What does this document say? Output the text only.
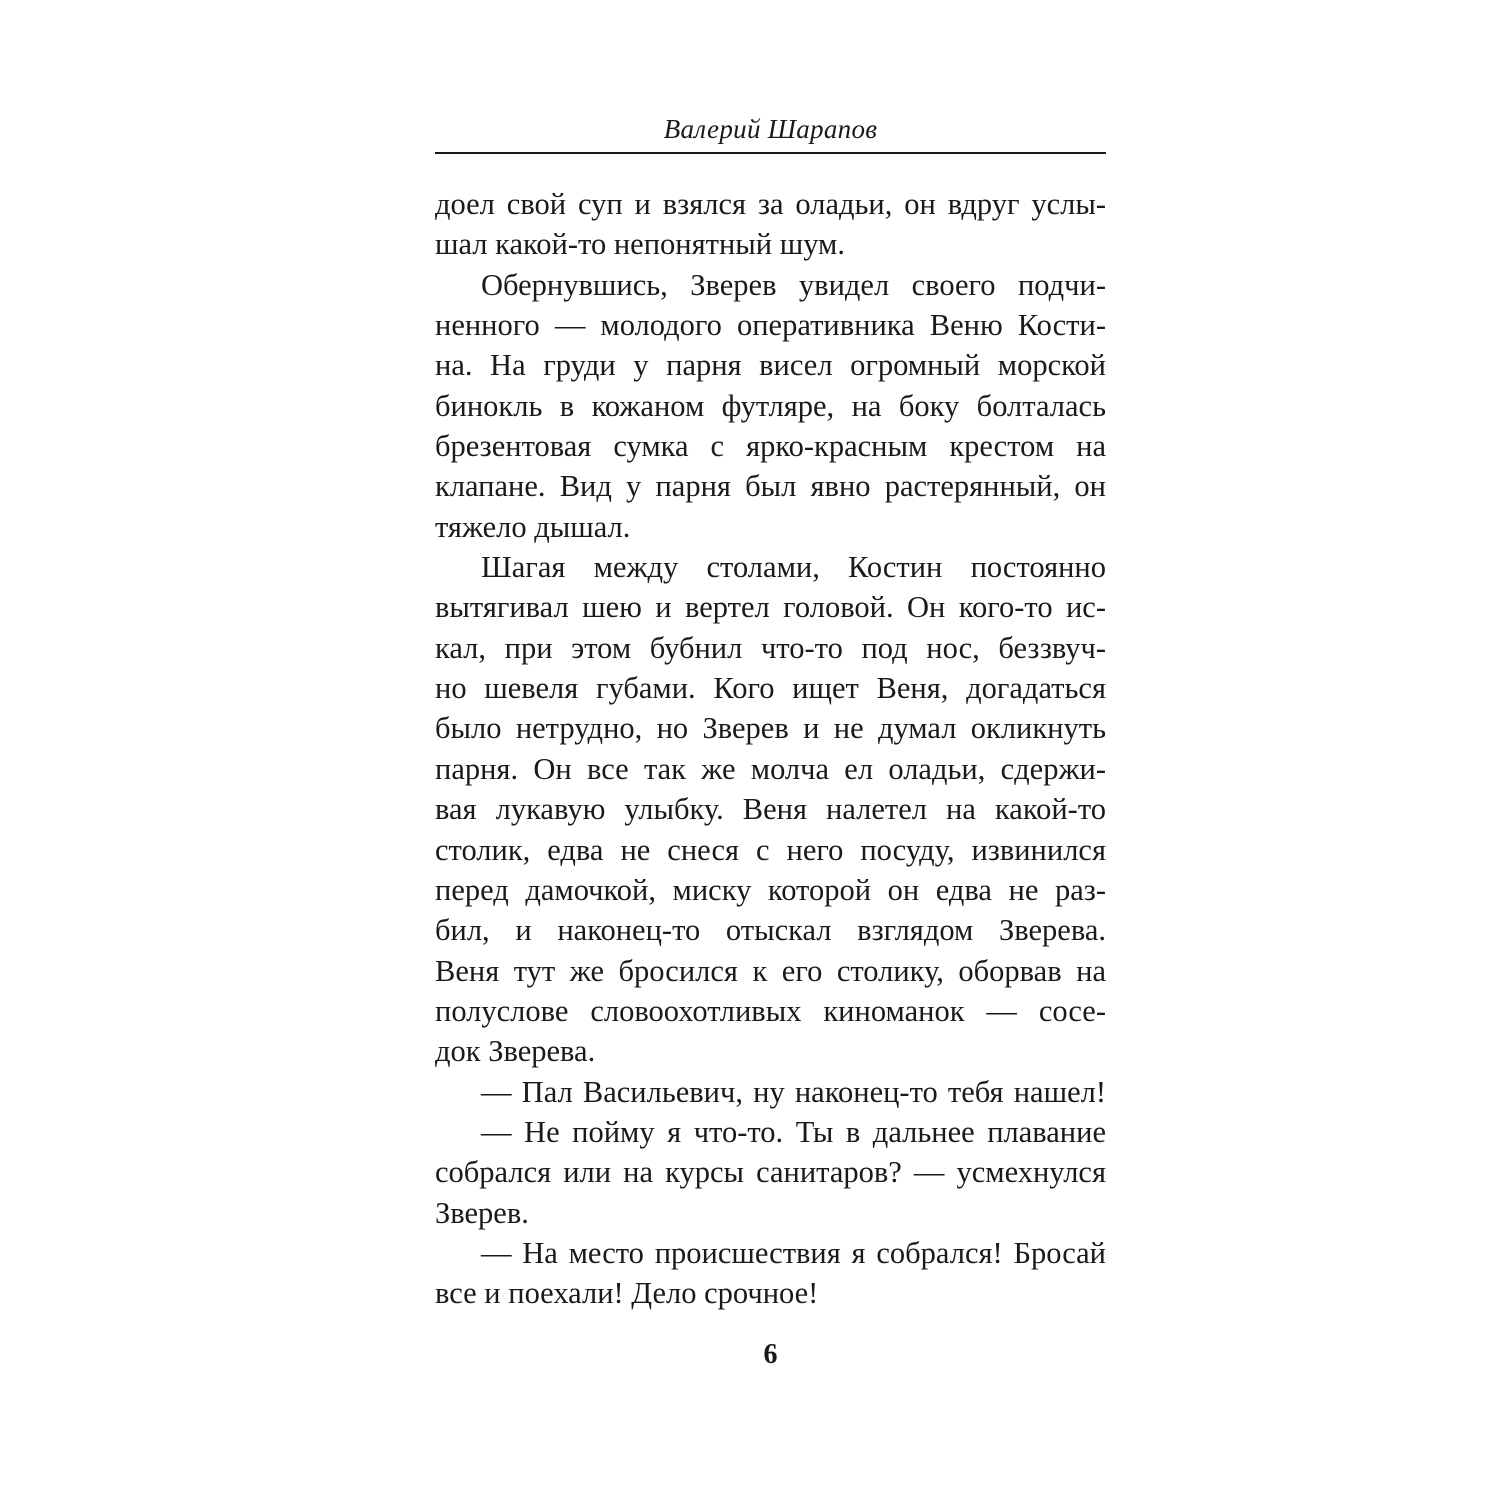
Валерий Шарапов
доел свой суп и взялся за оладьи, он вдруг услы-
шал какой-то непонятный шум.
Обернувшись, Зверев увидел своего подчи-
ненного — молодого оперативника Веню Кости-
на. На груди у парня висел огромный морской
бинокль в кожаном футляре, на боку болталась
брезентовая сумка с ярко-красным крестом на
клапане. Вид у парня был явно растерянный, он
тяжело дышал.
Шагая между столами, Костин постоянно
вытягивал шею и вертел головой. Он кого-то ис-
кал, при этом бубнил что-то под нос, беззвуч-
но шевеля губами. Кого ищет Веня, догадаться
было нетрудно, но Зверев и не думал окликнуть
парня. Он все так же молча ел оладьи, сдержи-
вая лукавую улыбку. Веня налетел на какой-то
столик, едва не снеся с него посуду, извинился
перед дамочкой, миску которой он едва не раз-
бил, и наконец-то отыскал взглядом Зверева.
Веня тут же бросился к его столику, оборвав на
полуслове словоохотливых киноманок — сосе-
док Зверева.
— Пал Васильевич, ну наконец-то тебя нашел!
— Не пойму я что-то. Ты в дальнее плавание
собрался или на курсы санитаров? — усмехнулся
Зверев.
— На место происшествия я собрался! Бросай
все и поехали! Дело срочное!
6
